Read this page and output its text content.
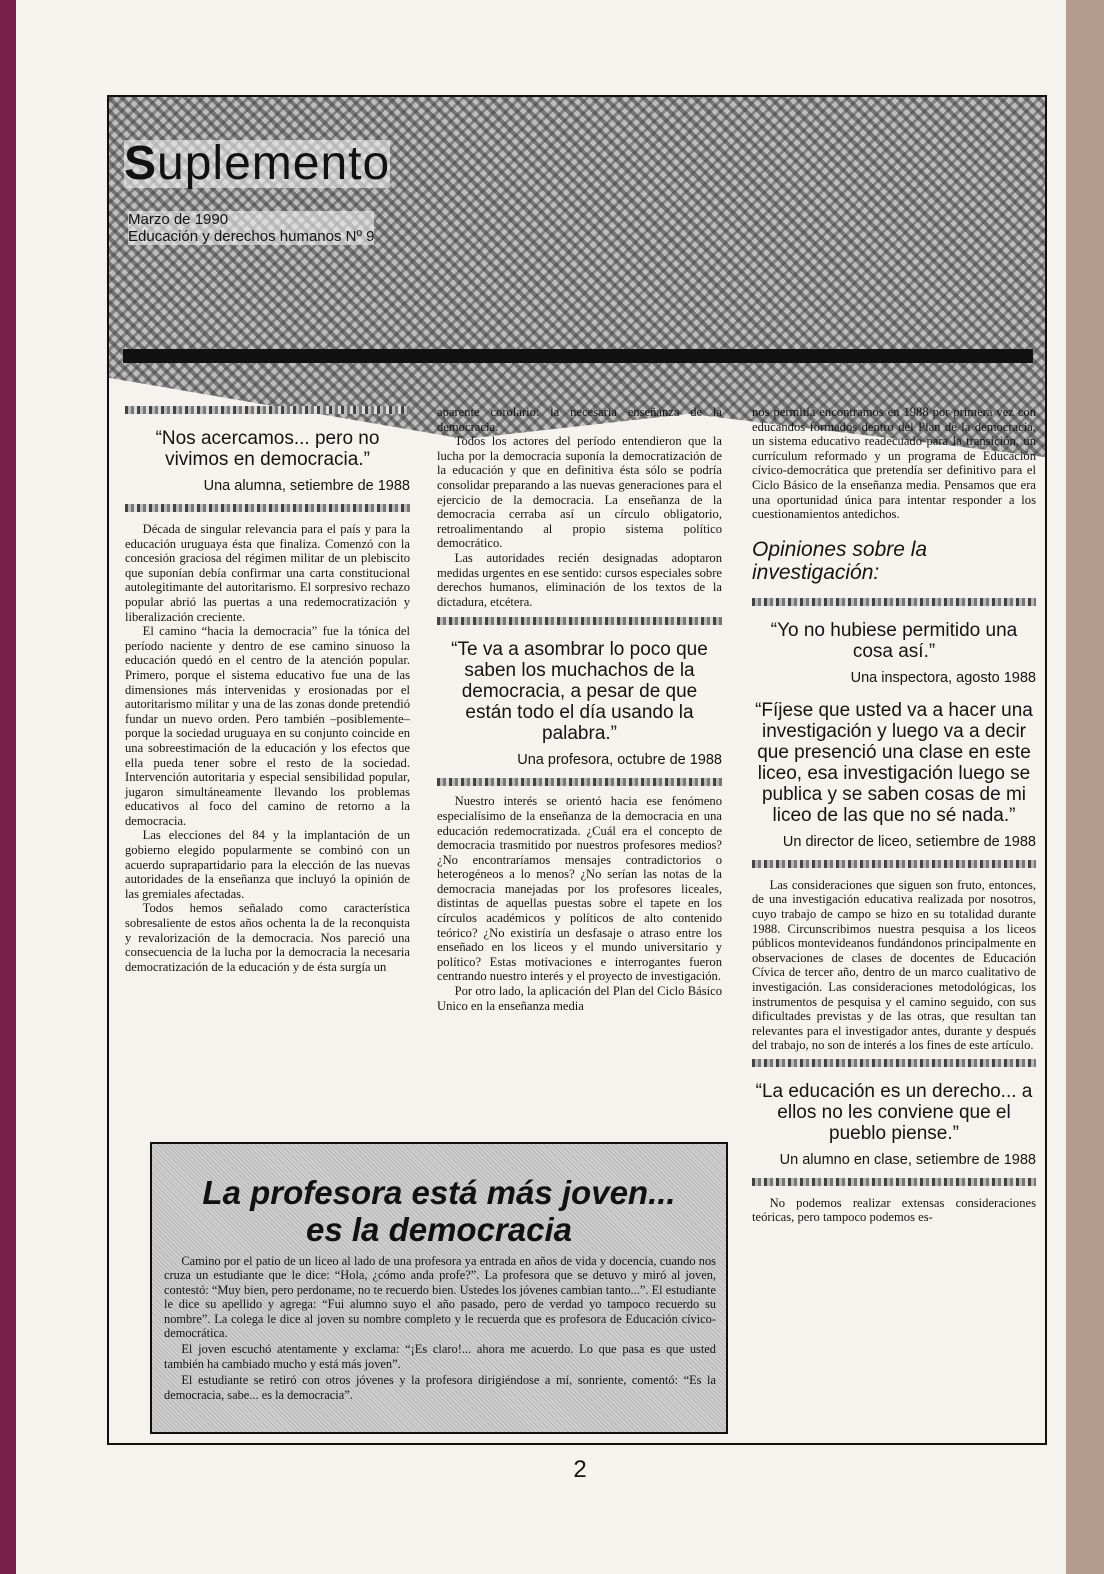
Suplemento
Marzo de 1990
Educación y derechos humanos Nº 9
“Nos acercamos... pero no vivimos en democracia.”
Una alumna, setiembre de 1988

Década de singular relevancia para el país y para la educación uruguaya ésta que finaliza. Comenzó con la concesión graciosa del régimen militar de un plebiscito que suponían debía confirmar una carta constitucional autolegitimante del autoritarismo. El sorpresivo rechazo popular abrió las puertas a una redemocratización y liberalización creciente.

El camino “hacia la democracia” fue la tónica del período naciente y dentro de ese camino sinuoso la educación quedó en el centro de la atención popular. Primero, porque el sistema educativo fue una de las dimensiones más intervenidas y erosionadas por el autoritarismo militar y una de las zonas donde pretendió fundar un nuevo orden. Pero también –posiblemente– porque la sociedad uruguaya en su conjunto coincide en una sobreestimación de la educación y los efectos que ella pueda tener sobre el resto de la sociedad. Intervención autoritaria y especial sensibilidad popular, jugaron simultáneamente llevando los problemas educativos al foco del camino de retorno a la democracia.

Las elecciones del 84 y la implantación de un gobierno elegido popularmente se combinó con un acuerdo suprapartidario para la elección de las nuevas autoridades de la enseñanza que incluyó la opinión de las gremiales afectadas.

Todos hemos señalado como característica sobresaliente de estos años ochenta la de la reconquista y revalorización de la democracia. Nos pareció una consecuencia de la lucha por la democracia la necesaria democratización de la educación y de ésta surgía un

aparente corolario: la necesaria enseñanza de la democracia.

Todos los actores del período entendieron que la lucha por la democracia suponía la democratización de la educación y que en definitiva ésta sólo se podría consolidar preparando a las nuevas generaciones para el ejercicio de la democracia. La enseñanza de la democracia cerraba así un círculo obligatorio, retroalimentando al propio sistema político democrático.

Las autoridades recién designadas adoptaron medidas urgentes en ese sentido: cursos especiales sobre derechos humanos, eliminación de los textos de la dictadura, etcétera.

“Te va a asombrar lo poco que saben los muchachos de la democracia, a pesar de que están todo el día usando la palabra.”
Una profesora, octubre de 1988

Nuestro interés se orientó hacia ese fenómeno especialísimo de la enseñanza de la democracia en una educación redemocratizada. ¿Cuál era el concepto de democracia trasmitido por nuestros profesores medios? ¿No encontraríamos mensajes contradictorios o heterogéneos a lo menos? ¿No serían las notas de la democracia manejadas por los profesores liceales, distintas de aquellas puestas sobre el tapete en los círculos académicos y políticos de alto contenido teórico? ¿No existiría un desfasaje o atraso entre los enseñado en los liceos y el mundo universitario y político? Estas motivaciones e interrogantes fueron centrando nuestro interés y el proyecto de investigación.

Por otro lado, la aplicación del Plan del Ciclo Básico Unico en la enseñanza media

nos permitía encontramos en 1988 por primera vez con educandos formados dentro del Plan de la democracia, un sistema educativo readecuado para la transición, un currículum reformado y un programa de Educación cívico-democrática que pretendía ser definitivo para el Ciclo Básico de la enseñanza media. Pensamos que era una oportunidad única para intentar responder a los cuestionamientos antedichos.

Opiniones sobre la investigación:
“Yo no hubiese permitido una cosa así.”
Una inspectora, agosto 1988
“Fíjese que usted va a hacer una investigación y luego va a decir que presenció una clase en este liceo, esa investigación luego se publica y se saben cosas de mi liceo de las que no sé nada.”
Un director de liceo, setiembre de 1988

Las consideraciones que siguen son fruto, entonces, de una investigación educativa realizada por nosotros, cuyo trabajo de campo se hizo en su totalidad durante 1988. Circunscribimos nuestra pesquisa a los liceos públicos montevideanos fundándonos principalmente en observaciones de clases de docentes de Educación Cívica de tercer año, dentro de un marco cualitativo de investigación. Las consideraciones metodológicas, los instrumentos de pesquisa y el camino seguido, con sus dificultades previstas y de las otras, que resultan tan relevantes para el investigador antes, durante y después del trabajo, no son de interés a los fines de este artículo.

“La educación es un derecho... a ellos no les conviene que el pueblo piense.”
Un alumno en clase, setiembre de 1988

No podemos realizar extensas consideraciones teóricas, pero tampoco podemos es-

La profesora está más joven...
es la democracia

Camino por el patio de un liceo al lado de una profesora ya entrada en años de vida y docencia, cuando nos cruza un estudiante que le dice: “Hola, ¿cómo anda profe?”. La profesora que se detuvo y miró al joven, contestó: “Muy bien, pero perdoname, no te recuerdo bien. Ustedes los jóvenes cambian tanto...”. El estudiante le dice su apellido y agrega: “Fui alumno suyo el año pasado, pero de verdad yo tampoco recuerdo su nombre”. La colega le dice al joven su nombre completo y le recuerda que es profesora de Educación cívico-democrática.

El joven escuchó atentamente y exclama: “¡Es claro!... ahora me acuerdo. Lo que pasa es que usted también ha cambiado mucho y está más joven”.

El estudiante se retiró con otros jóvenes y la profesora dirigiéndose a mí, sonriente, comentó: “Es la democracia, sabe... es la democracia”.

2
